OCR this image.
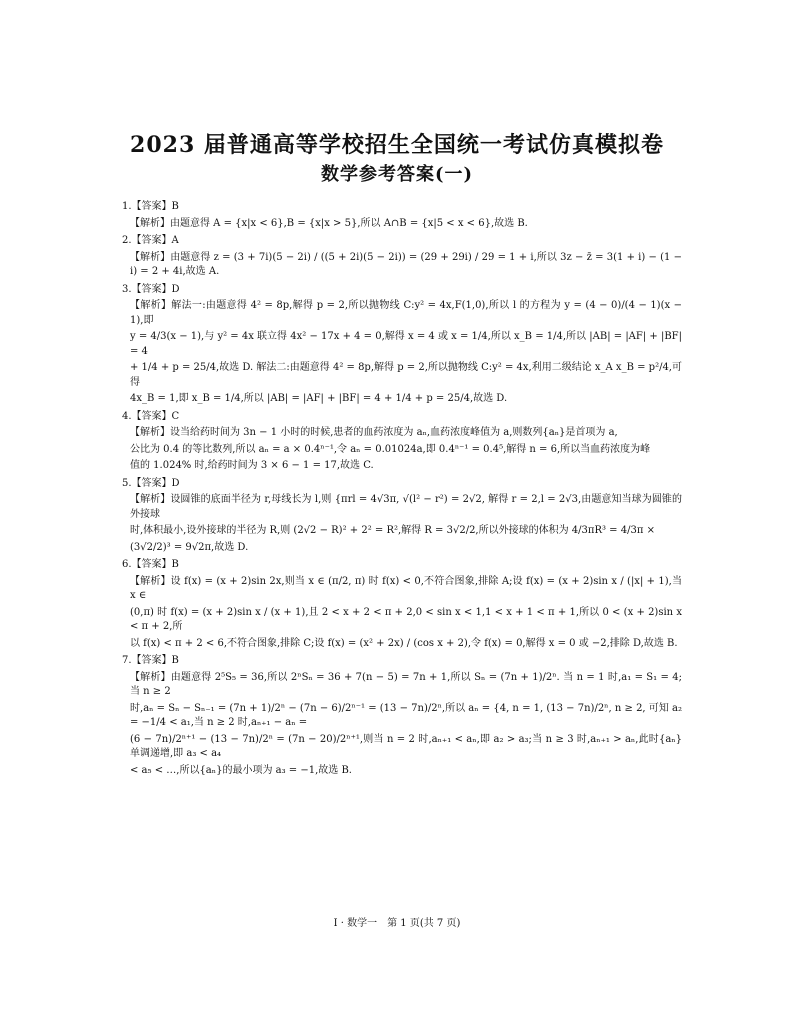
2023 届普通高等学校招生全国统一考试仿真模拟卷
数学参考答案(一)
1.【答案】B

【解析】由题意得 A = {x|x < 6},B = {x|x > 5},所以 A∩B = {x|5 < x < 6},故选 B.

2.【答案】A

【解析】由题意得 z = (3 + 7i)(5 − 2i) / ((5 + 2i)(5 − 2i)) = (29 + 29i) / 29 = 1 + i,所以 3z − z̄ = 3(1 + i) − (1 − i) = 2 + 4i,故选 A.

3.【答案】D

【解析】解法一:由题意得 4² = 8p,解得 p = 2,所以抛物线 C:y² = 4x,F(1,0),所以 l 的方程为 y = (4 − 0)/(4 − 1)(x − 1),即

y = 4/3(x − 1),与 y² = 4x 联立得 4x² − 17x + 4 = 0,解得 x = 4 或 x = 1/4,所以 x_B = 1/4,所以 |AB| = |AF| + |BF| = 4

+ 1/4 + p = 25/4,故选 D. 解法二:由题意得 4² = 8p,解得 p = 2,所以抛物线 C:y² = 4x,利用二级结论 x_A x_B = p²/4,可得

4x_B = 1,即 x_B = 1/4,所以 |AB| = |AF| + |BF| = 4 + 1/4 + p = 25/4,故选 D.

4.【答案】C

【解析】设当给药时间为 3n − 1 小时的时候,患者的血药浓度为 aₙ,血药浓度峰值为 a,则数列{aₙ}是首项为 a,

公比为 0.4 的等比数列,所以 aₙ = a × 0.4ⁿ⁻¹,令 aₙ = 0.01024a,即 0.4ⁿ⁻¹ = 0.4⁵,解得 n = 6,所以当血药浓度为峰

值的 1.024% 时,给药时间为 3 × 6 − 1 = 17,故选 C.

5.【答案】D

【解析】设圆锥的底面半径为 r,母线长为 l,则 {πrl = 4√3π, √(l² − r²) = 2√2, 解得 r = 2,l = 2√3,由题意知当球为圆锥的外接球

时,体积最小,设外接球的半径为 R,则 (2√2 − R)² + 2² = R²,解得 R = 3√2/2,所以外接球的体积为 4/3πR³ = 4/3π ×

(3√2/2)³ = 9√2π,故选 D.

6.【答案】B

【解析】设 f(x) = (x + 2)sin 2x,则当 x ∈ (π/2, π) 时 f(x) < 0,不符合图象,排除 A;设 f(x) = (x + 2)sin x / (|x| + 1),当 x ∈

(0,π) 时 f(x) = (x + 2)sin x / (x + 1),且 2 < x + 2 < π + 2,0 < sin x < 1,1 < x + 1 < π + 1,所以 0 < (x + 2)sin x < π + 2,所

以 f(x) < π + 2 < 6,不符合图象,排除 C;设 f(x) = (x² + 2x) / (cos x + 2),令 f(x) = 0,解得 x = 0 或 −2,排除 D,故选 B.

7.【答案】B

【解析】由题意得 2⁵S₅ = 36,所以 2ⁿSₙ = 36 + 7(n − 5) = 7n + 1,所以 Sₙ = (7n + 1)/2ⁿ. 当 n = 1 时,a₁ = S₁ = 4;当 n ≥ 2

时,aₙ = Sₙ − Sₙ₋₁ = (7n + 1)/2ⁿ − (7n − 6)/2ⁿ⁻¹ = (13 − 7n)/2ⁿ,所以 aₙ = {4, n = 1, (13 − 7n)/2ⁿ, n ≥ 2, 可知 a₂ = −1/4 < a₁,当 n ≥ 2 时,aₙ₊₁ − aₙ =

(6 − 7n)/2ⁿ⁺¹ − (13 − 7n)/2ⁿ = (7n − 20)/2ⁿ⁺¹,则当 n = 2 时,aₙ₊₁ < aₙ,即 a₂ > a₃;当 n ≥ 3 时,aₙ₊₁ > aₙ,此时{aₙ}单调递增,即 a₃ < a₄

< a₅ < …,所以{aₙ}的最小项为 a₃ = −1,故选 B.

Ⅰ · 数学一　第 1 页(共 7 页)
